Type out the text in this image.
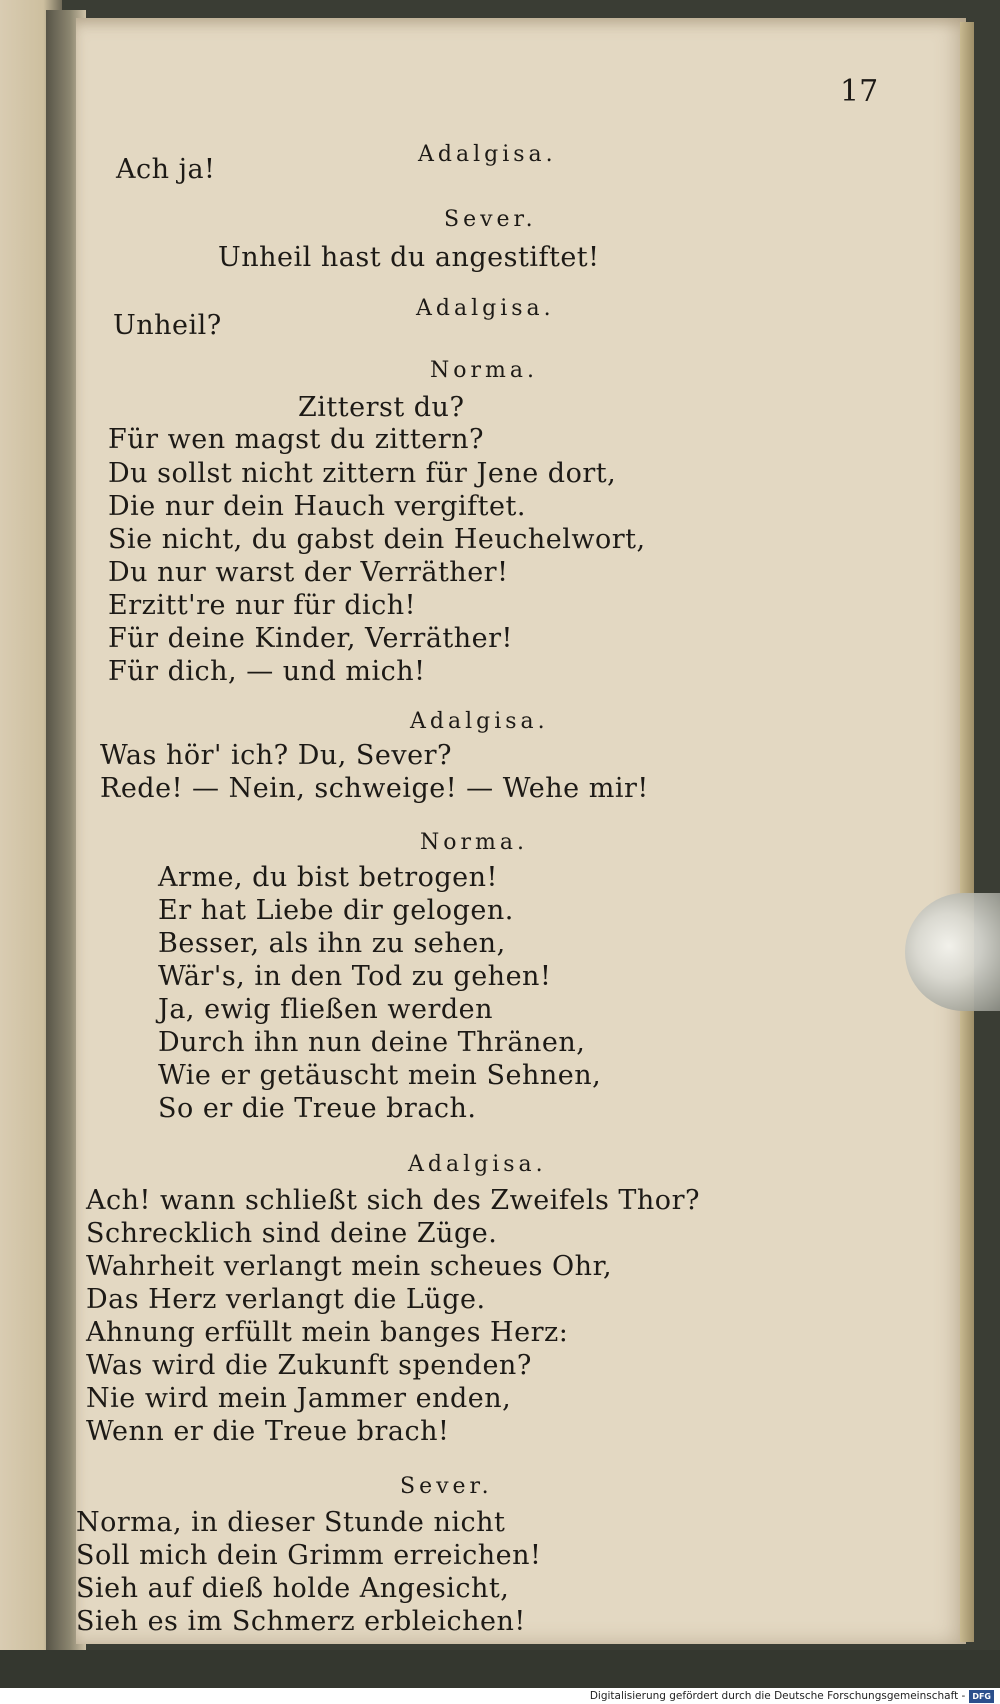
17
Adalgisa.
Ach ja!
Sever.
Unheil hast du angestiftet!
Adalgisa.
Unheil?
Norma.
Zitterst du?
Für wen magst du zittern?
Du sollst nicht zittern für Jene dort,
Die nur dein Hauch vergiftet.
Sie nicht, du gabst dein Heuchelwort,
Du nur warst der Verräther!
Erzitt're nur für dich!
Für deine Kinder, Verräther!
Für dich, — und mich!
Adalgisa.
Was hör' ich? Du, Sever?
Rede! — Nein, schweige! — Wehe mir!
Norma.
Arme, du bist betrogen!
Er hat Liebe dir gelogen.
Besser, als ihn zu sehen,
Wär's, in den Tod zu gehen!
Ja, ewig fließen werden
Durch ihn nun deine Thränen,
Wie er getäuscht mein Sehnen,
So er die Treue brach.
Adalgisa.
Ach! wann schließt sich des Zweifels Thor?
Schrecklich sind deine Züge.
Wahrheit verlangt mein scheues Ohr,
Das Herz verlangt die Lüge.
Ahnung erfüllt mein banges Herz:
Was wird die Zukunft spenden?
Nie wird mein Jammer enden,
Wenn er die Treue brach!
Sever.
Norma, in dieser Stunde nicht
Soll mich dein Grimm erreichen!
Sieh auf dieß holde Angesicht,
Sieh es im Schmerz erbleichen!
Digitalisierung gefördert durch die Deutsche Forschungsgemeinschaft - DFG
